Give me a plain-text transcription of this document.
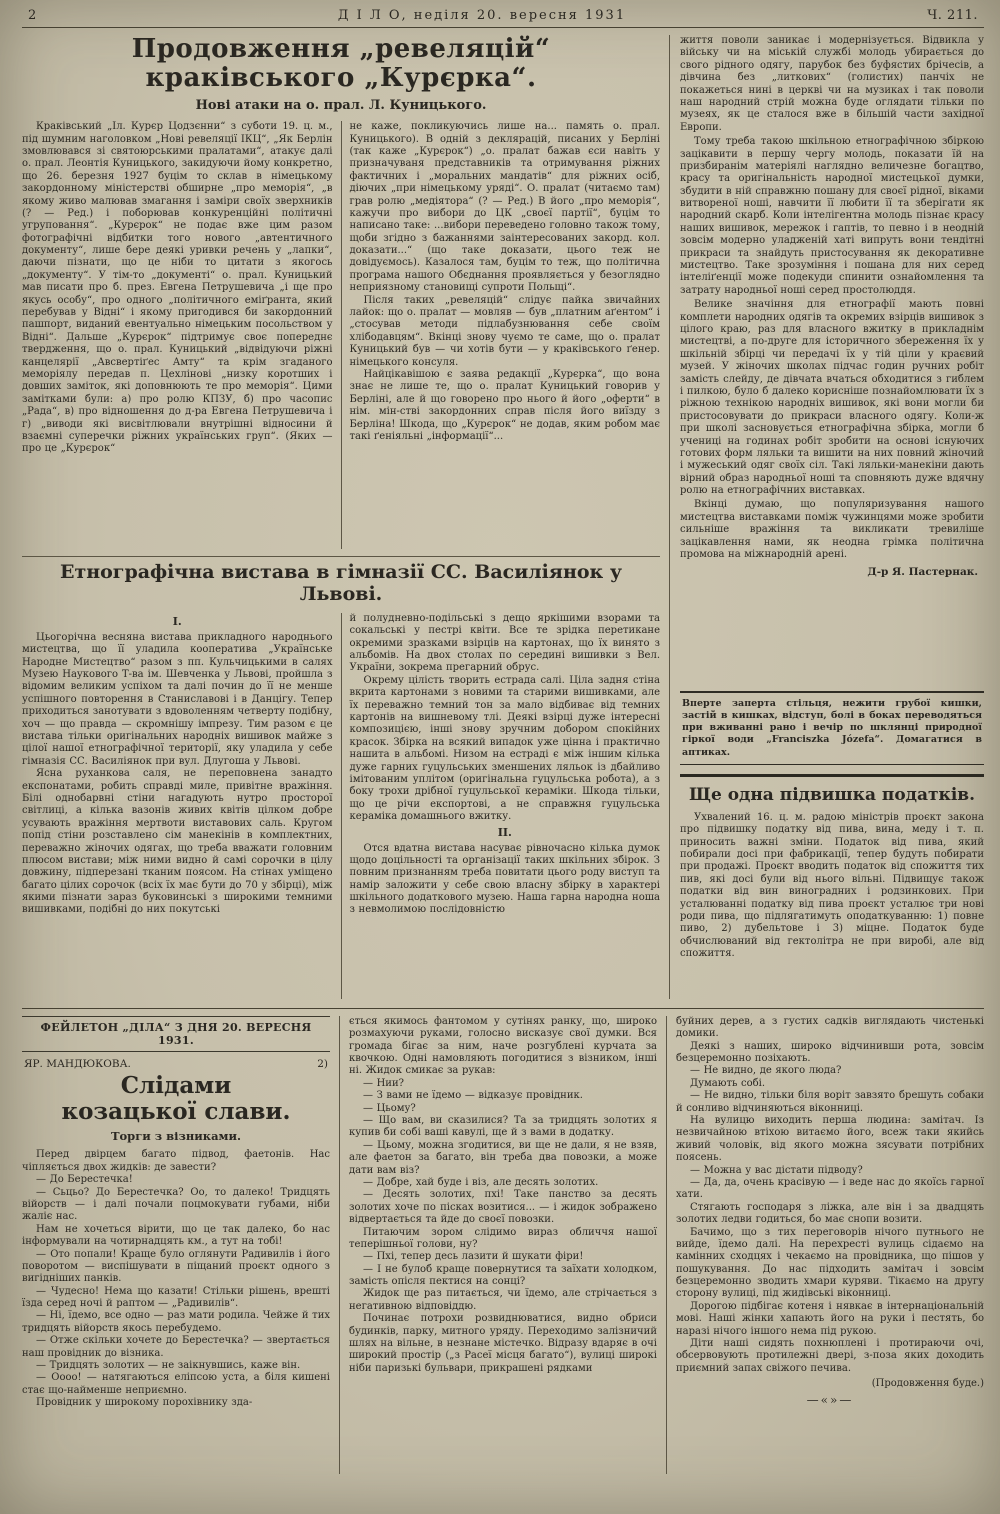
2	Д І Л О, неділя 20. вересня 1931	Ч. 211.
Продовження „ревеляцій“
краківського „Курєрка“.
Нові атаки на о. прал. Л. Куницького.

Краківський „Іл. Курєр Цодзєнни“ з суботи 19. ц. м., під шумним наголовком „Нові ревеляції ІКЦ“, „Як Берлін змовлювався зі святоюрськими пралатами“, атакує далі о. прал. Леонтія Куницького, закидуючи йому конкретно, що 26. березня 1927 буцім то склав в німецькому закордонному міністерстві обширне „про меморія“, „в якому живо малював змагання і заміри своїх зверхників (? — Ред.) і поборював конкуренційні політичні угруповання“. „Курєрок“ не подає вже цим разом фотографічні відбитки того нового „автентичного документу“, лише бере деякі уривки речень у „лапки“, даючи пізнати, що це ніби то цитати з якогось „документу“. У тім-то „документі“ о. прал. Куницький мав писати про б. през. Евгена Петрушевича „і ще про якусь особу“, про одного „політичного еміґранта, який перебував у Відні“ і якому пригодився би закордонний пашпорт, виданий евентуально німецьким посольством у Відні“. Дальше „Курєрок“ підтримує своє попереднє твердження, що о. прал. Куницький „відвідуючи ріжні канцелярії „Авсвертіґес Амту“ та крім згаданого меморіялу передав п. Цехлінові „низку коротших і довших заміток, які доповнюють те про меморія“. Цими замітками були: а) про ролю КПЗУ, б) про часопис „Рада“, в) про відношення до д-ра Евгена Петрушевича і г) „виводи які висвітлювали внутрішні відносини й взаємні суперечки ріжних українських груп“. (Яких — про це „Курєрок“

не каже, покликуючись лише на... память о. прал. Куницького). В одній з деклярацій, писаних у Берліні (так каже „Курєрок“) „о. пралат бажав єси навіть у призначуваня представників та отримування ріжних фактичних і „моральних мандатів“ для ріжних осіб, діючих „при німецькому уряді“. О. пралат (читаємо там) грав ролю „медіятора“ (? — Ред.) В його „про меморія“, кажучи про вибори до ЦК „своєї партії“, буцім то написано таке: ...вибори переведено головно також тому, щоби згідно з бажаннями заінтересованих закорд. кол. доказати...“ (що таке доказати, цього теж не довідуємось). Казалося там, буцім то теж, що політична програма нашого Обєднання проявляється у безоглядно неприязному становищі супроти Польщі“.

Після таких „ревеляцій“ слідує пайка звичайних лайок: що о. пралат — мовляв — був „платним аґентом“ і „стосував методи підлабузнювання себе своїм хлібодавцям“. Вкінці знову чуємо те саме, що о. пралат Куницький був — чи хотів бути — у краківського ґенер. німецького консуля.

Найцікавішою є заява редакції „Курєрка“, що вона знає не лише те, що о. пралат Куницький говорив у Берліні, але й що говорено про нього й його „оферти“ в нім. мін-стві закордонних справ після його виїзду з Берліна! Шкода, що „Курєрок“ не додав, яким робом має такі ґеніяльні „інформації“...

Етнографічна вистава в гімназії СС. Василіянок у Львові.
I.

Цьогорічна весняна вистава прикладного народнього мистецтва, що її уладила кооператива „Українське Народне Мистецтво“ разом з пп. Кульчицькими в салях Музею Наукового Т-ва ім. Шевченка у Львові, пройшла з відомим великим успіхом та далі почин до її не менше успішного повторення в Станиславові і в Данцігу. Тепер приходиться занотувати з вдоволенням четверту подібну, хоч — що правда — скромнішу імпрезу. Тим разом є це вистава тільки оригінальних народніх вишивок майже з цілої нашої етнографічної території, яку уладила у себе гімназія СС. Василіянок при вул. Длугоша у Львові.

Ясна руханкова саля, не переповнена занадто експонатами, робить справді миле, привітне вражіння. Білі однобарвні стіни нагадують нутро просторої світлиці, а кілька вазонів живих квітів цілком добре усувають вражіння мертвоти виставових саль. Кругом попід стіни розставлено сім манекінів в комплектних, переважно жіночих одягах, що треба вважати головним плюсом вистави; між ними видно й самі сорочки в цілу довжину, підперезані тканим поясом. На стінах уміщено багато цілих сорочок (всіх їх має бути до 70 у збірці), між якими пізнати зараз буковинські з широкими темними вишивками, подібні до них покутські

й полудневно-подільські з дещо яркішими взорами та сокальські у пестрі квіти. Все те зрідка перетикане окремими зразками взірців на картонах, що їх винято з альбомів. На двох столах по середині вишивки з Вел. України, зокрема прегарний обрус.

Окрему цілість творить естрада салі. Ціла задня стіна вкрита картонами з новими та старими вишивками, але їх переважно темний тон за мало відбиває від темних картонів на вишневому тлі. Деякі взірці дуже інтересні композицією, інші знову зручним добором спокійних красок. Збірка на всякий випадок уже цінна і практично нашита в альбомі. Низом на естраді є між іншим кілька дуже гарних гуцульських зменшених ляльок із дбайливо імітованим уплітом (оригінальна гуцульська робота), а з боку трохи дрібної гуцульської кераміки. Шкода тільки, що це річи експортові, а не справжня гуцульська кераміка домашнього вжитку.

II.

Отся вдатна вистава насуває рівночасно кілька думок щодо доцільності та організації таких шкільних збірок. З повним признанням треба повитати цього роду виступ та намір заложити у себе свою власну збірку в характері шкільного додаткового музею. Наша гарна народна ноша з невмолимою послідовністю

життя поволи заникає і модернізується. Відвикла у війську чи на міській службі молодь убирається до свого рідного одягу, парубок без буфястих брічесів, а дівчина без „литкових“ (голистих) панчіх не покажеться нині в церкві чи на музиках і так поволи наш народний стрій можна буде оглядати тільки по музеях, як це сталося вже в більшій части західної Европи.

Тому треба такою шкільною етнографічною збіркою зацікавити в першу чергу молодь, показати їй на призбиранім матеріялі наглядно величезне богацтво, красу та оригінальність народної мистецької думки, збудити в ній справжню пошану для своєї рідної, віками витвореної ноші, навчити її любити її та зберігати як народний скарб. Коли інтелігентна молодь пізнає красу наших вишивок, мережок і гаптів, то певно і в неодній зовсім модерно уладженій хаті випруть вони тендітні прикраси та знайдуть пристосування як декоративне мистецтво. Таке зрозуміння і пошана для них серед інтеліґенції може подекуди спинити ознайомлення та затрату народньої ноші серед простолюддя.

Велике значіння для етнографії мають повні комплети народних одягів та окремих взірців вишивок з цілого краю, раз для власного вжитку в прикладнім мистецтві, а по-друге для історичного збереження їх у шкільній збірці чи передачі їх у тій ціли у краєвий музей. У жіночих школах підчас годин ручних робіт замість слейду, де дівчата вчаться обходитися з гиблем і пилкою, було б далеко корисніше познайомлювати їх з ріжною технікою народніх вишивок, які вони могли би пристосовувати до прикраси власного одягу. Коли-ж при школі засновується етнографічна збірка, могли б учениці на годинах робіт зробити на основі існуючих готових форм ляльки та вишити на них повний жіночий і мужеський одяг своїх сіл. Такі ляльки-манекіни дають вірний образ народньої ноші та сповняють дуже вдячну ролю на етнографічних виставках.

Вкінці думаю, що популяризування нашого мистецтва виставками поміж чужинцями може зробити сильніше вражіння та викликати тревиліше зацікавлення нами, як неодна грімка політична промова на міжнародній арені.

Д-р Я. Пастернак.

Вперте заперта стільця, нежити грубої кишки, застій в кишках, відступ, болі в боках переводяться при вживанні рано і вечір по шклянці природної гіркої води „Franciszka Józefa“. Домагатися в аптиках.

Ще одна підвишка податків.

Ухвалений 16. ц. м. радою міністрів проєкт закона про підвишку податку від пива, вина, меду і т. п. приносить важні зміни. Податок від пива, який побирали досі при фабрикації, тепер будуть побирати при продажі. Проєкт вводить податок від спожиття тих пив, які досі були від нього вільні. Підвищує також податки від вин виноградних і родзинкових. При усталюванні податку від пива проєкт усталює три нові роди пива, що підлягатимуть оподаткуванню: 1) повне пиво, 2) дубельтове і 3) міцне. Податок буде обчислюваний від гектолітра не при виробі, але від спожиття.

ФЕЙЛЕТОН „ДІЛА“ З ДНЯ 20. ВЕРЕСНЯ 1931.
ЯР. МАНДЮКОВА.	2)
Слідами
козацької слави.
Торги з візниками.

Перед двірцем багато підвод, фаетонів. Нас чіпляється двох жидків: де завести?

— До Берестечка!

— Сьцьо? До Берестечка? Оо, то далеко! Тридцять війорств — і далі почали поцмокувати губами, ніби жаліє нас.

Нам не хочеться вірити, що це так далеко, бо нас інформували на чотирнадцять км., а тут на тобі!

— Ото попали! Краще було оглянути Радивилів і його поворотом — виспішувати в піщаний проєкт одного з вигідніших панків.

— Чудесно! Нема що казати! Стільки рішень, врешті їзда серед ночі й раптом — „Радивилів“.

— Ні, їдемо, все одно — раз мати родила. Чейже й тих тридцять війорств якось перебудемо.

— Отже скільки хочете до Берестечка? — звертається наш провідник до візника.

— Тридцять золотих — не заікнувшись, каже він.

— Оооо! — натягаються еліпсою уста, а біля кишені стає що-найменше неприємно.

Провідник у широкому порохівнику зда-

ється якимось фантомом у сутінях ранку, що, широко розмахуючи руками, голосно висказує свої думки. Вся громада бігає за ним, наче розгублені курчата за квочкою. Одні намовляють погодитися з візником, інші ні. Жидок смикає за рукав:

— Нии?

— З вами не їдемо — відказує провідник.

— Цьому?

— Що вам, ви сказилися? Та за тридцять золотих я купив би собі ваші кавулі, ще й з вами в додатку.

— Цьому, можна згодитися, ви ще не дали, я не взяв, але фаетон за багато, він треба два повозки, а може дати вам віз?

— Добре, хай буде і віз, але десять золотих.

— Десять золотих, пхі! Таке панство за десять золотих хоче по пісках возитися... — і жидок зображено відвертається та йде до своєї повозки.

Питаючим зором слідимо вираз обличчя нашої теперішньої голови, ну?

— Пхі, тепер десь лазити й шукати фіри!

— І не булоб краще повернутися та заїхати холодком, замість опісля пектися на сонці?

Жидок ще раз питається, чи їдемо, але стрічається з негативною відповіддю.

Починає потрохи розвиднюватися, видно обриси будинків, парку, митного уряду. Переходимо залізничий шлях на вільне, в незнане містечко. Відразу вдаряє в очі широкий простір („з Расеї місця багато“), вулиці широкі ніби паризькі бульвари, прикрашені рядками

буйних дерев, а з густих садків виглядають чистенькі домики.

Деякі з наших, широко відчинивши рота, зовсім безцеремонно позіхають.

— Не видно, де якого люда?

Думають собі.

— Не видно, тільки біля воріт завзято брешуть собаки й сонливо відчиняються віконниці.

На вулицю виходить перша людина: замітач. Із незвичайною втіхою витаємо його, всеж таки якийсь живий чоловік, від якого можна зясувати потрібних поясень.

— Можна у вас дістати підводу?

— Да, да, очень красівую — і веде нас до якоїсь гарної хати.

Стягають господаря з ліжка, але він і за двадцять золотих ледви годиться, бо має снопи возити.

Бачимо, що з тих переговорів нічого путнього не вийде, їдемо далі. На перехресті вулиць сідаємо на камінних сходцях і чекаємо на провідника, що пішов у пошукування. До нас підходить замітач і зовсім безцеремонно зводить хмари куряви. Тікаємо на другу сторону вулиці, під жидівські віконниці.

Дорогою підбігає котеня і нявкає в інтернаціональній мові. Наші жінки хапають його на руки і пестять, бо наразі нічого іншого нема під рукою.

Діти наші сидять похнюплені і протираючи очі, обсервовують протилежні двері, з-поза яких доходить приємний запах свіжого печива.

(Продовження буде.)

—«»—
